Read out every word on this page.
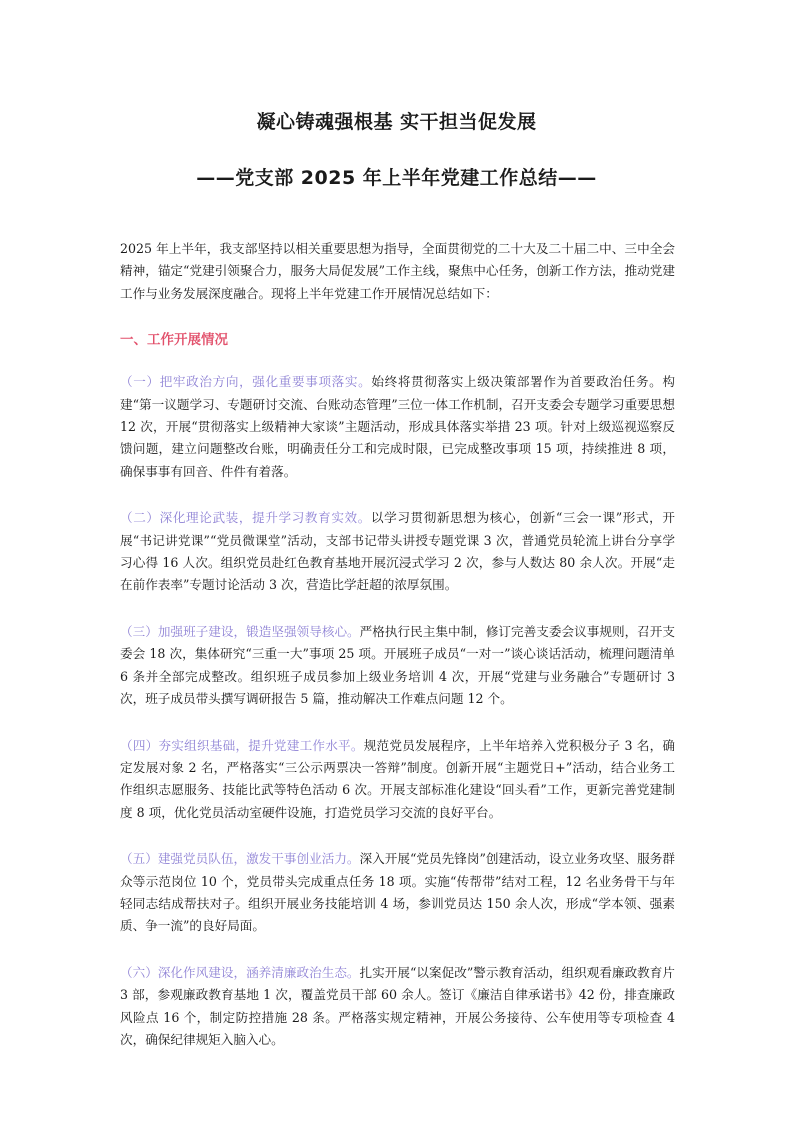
凝心铸魂强根基 实干担当促发展
——党支部 2025 年上半年党建工作总结——

2025 年上半年，我支部坚持以相关重要思想为指导，全面贯彻党的二十大及二十届二中、三中全会精神，锚定“党建引领聚合力，服务大局促发展”工作主线，聚焦中心任务，创新工作方法，推动党建工作与业务发展深度融合。现将上半年党建工作开展情况总结如下：

一、工作开展情况

（一）把牢政治方向，强化重要事项落实。始终将贯彻落实上级决策部署作为首要政治任务。构建“第一议题学习、专题研讨交流、台账动态管理”三位一体工作机制，召开支委会专题学习重要思想 12 次，开展“贯彻落实上级精神大家谈”主题活动，形成具体落实举措 23 项。针对上级巡视巡察反馈问题，建立问题整改台账，明确责任分工和完成时限，已完成整改事项 15 项，持续推进 8 项，确保事事有回音、件件有着落。

（二）深化理论武装，提升学习教育实效。以学习贯彻新思想为核心，创新“三会一课”形式，开展“书记讲党课”“党员微课堂”活动，支部书记带头讲授专题党课 3 次，普通党员轮流上讲台分享学习心得 16 人次。组织党员赴红色教育基地开展沉浸式学习 2 次，参与人数达 80 余人次。开展“走在前作表率”专题讨论活动 3 次，营造比学赶超的浓厚氛围。

（三）加强班子建设，锻造坚强领导核心。严格执行民主集中制，修订完善支委会议事规则，召开支委会 18 次，集体研究“三重一大”事项 25 项。开展班子成员“一对一”谈心谈话活动，梳理问题清单 6 条并全部完成整改。组织班子成员参加上级业务培训 4 次，开展“党建与业务融合”专题研讨 3 次，班子成员带头撰写调研报告 5 篇，推动解决工作难点问题 12 个。

（四）夯实组织基础，提升党建工作水平。规范党员发展程序，上半年培养入党积极分子 3 名，确定发展对象 2 名，严格落实“三公示两票决一答辩”制度。创新开展“主题党日+”活动，结合业务工作组织志愿服务、技能比武等特色活动 6 次。开展支部标准化建设“回头看”工作，更新完善党建制度 8 项，优化党员活动室硬件设施，打造党员学习交流的良好平台。

（五）建强党员队伍，激发干事创业活力。深入开展“党员先锋岗”创建活动，设立业务攻坚、服务群众等示范岗位 10 个，党员带头完成重点任务 18 项。实施“传帮带”结对工程，12 名业务骨干与年轻同志结成帮扶对子。组织开展业务技能培训 4 场，参训党员达 150 余人次，形成“学本领、强素质、争一流”的良好局面。

（六）深化作风建设，涵养清廉政治生态。扎实开展“以案促改”警示教育活动，组织观看廉政教育片 3 部，参观廉政教育基地 1 次，覆盖党员干部 60 余人。签订《廉洁自律承诺书》42 份，排查廉政风险点 16 个，制定防控措施 28 条。严格落实规定精神，开展公务接待、公车使用等专项检查 4 次，确保纪律规矩入脑入心。
